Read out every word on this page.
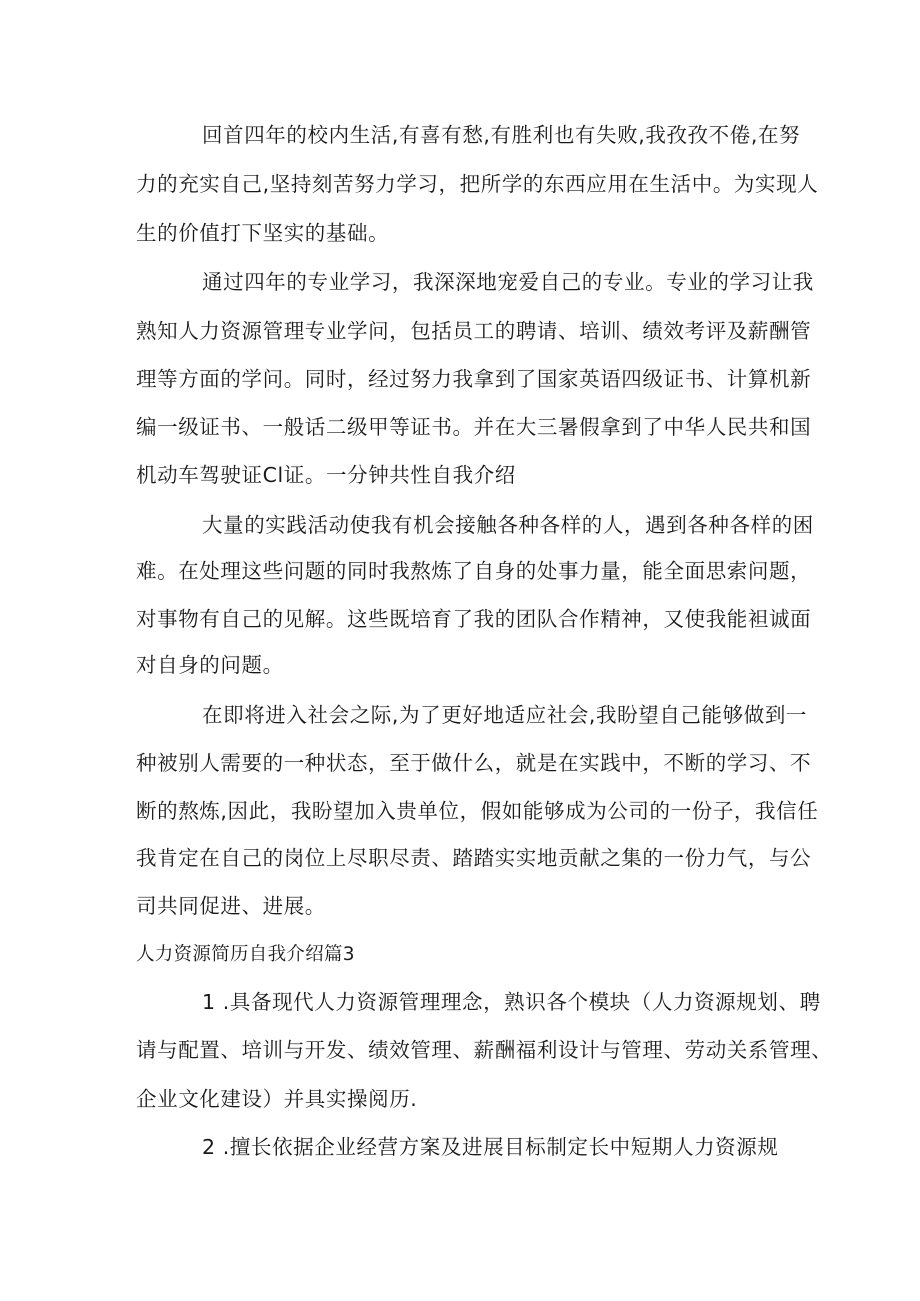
回首四年的校内生活,有喜有愁,有胜利也有失败,我孜孜不倦,在努
力的充实自己,坚持刻苦努力学习，把所学的东西应用在生活中。为实现人
生的价值打下坚实的基础。
通过四年的专业学习，我深深地宠爱自己的专业。专业的学习让我
熟知人力资源管理专业学问，包括员工的聘请、培训、绩效考评及薪酬管
理等方面的学问。同时，经过努力我拿到了国家英语四级证书、计算机新
编一级证书、一般话二级甲等证书。并在大三暑假拿到了中华人民共和国
机动车驾驶证Cl证。一分钟共性自我介绍
大量的实践活动使我有机会接触各种各样的人，遇到各种各样的困
难。在处理这些问题的同时我熬炼了自身的处事力量，能全面思索问题，
对事物有自己的见解。这些既培育了我的团队合作精神，又使我能袒诚面
对自身的问题。
在即将进入社会之际,为了更好地适应社会,我盼望自己能够做到一
种被别人需要的一种状态，至于做什么，就是在实践中，不断的学习、不
断的熬炼,因此，我盼望加入贵单位，假如能够成为公司的一份子，我信任
我肯定在自己的岗位上尽职尽责、踏踏实实地贡献之集的一份力气，与公
司共同促进、进展。
人力资源简历自我介绍篇3
1 .具备现代人力资源管理理念，熟识各个模块（人力资源规划、聘
请与配置、培训与开发、绩效管理、薪酬福利设计与管理、劳动关系管理、
企业文化建设）并具实操阅历.
2 .擅长依据企业经营方案及进展目标制定长中短期人力资源规
